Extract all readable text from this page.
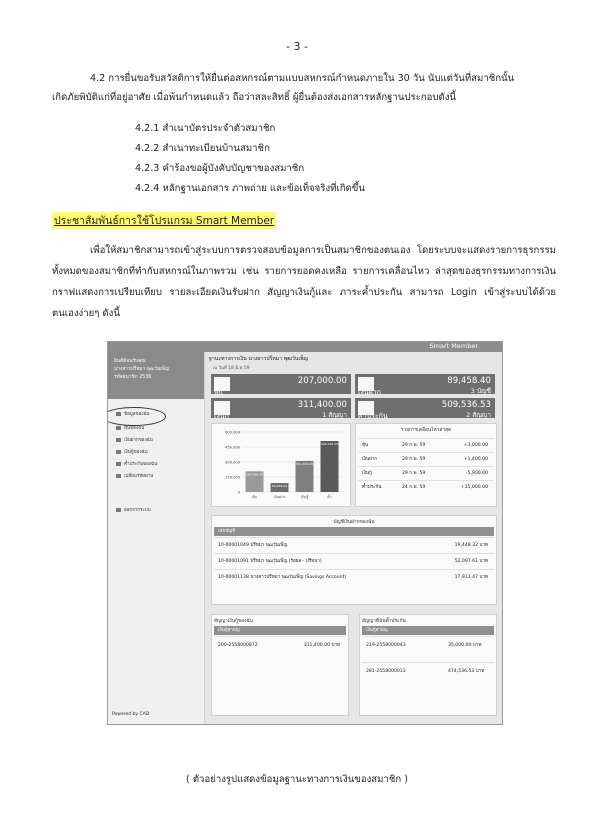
- 3 -
4.2 การยื่นขอรับสวัสดิการให้ยื่นต่อสหกรณ์ตามแบบสหกรณ์กำหนดภายใน 30 วัน นับแต่วันที่สมาชิกนั้น
เกิดภัยพิบัติแก่ที่อยู่อาศัย เมื่อพ้นกำหนดแล้ว ถือว่าสละสิทธิ์ ผู้ยื่นต้องส่งเอกสารหลักฐานประกอบดังนี้
4.2.1 สำเนาบัตรประจำตัวสมาชิก
4.2.2 สำเนาทะเบียนบ้านสมาชิก
4.2.3 คำร้องขอผู้บังคับบัญชาของสมาชิก
4.2.4 หลักฐานเอกสาร ภาพถ่าย และข้อเท็จจริงที่เกิดขึ้น
ประชาสัมพันธ์การใช้โปรแกรม Smart Member
เพื่อให้สมาชิกสามารถเข้าสู่ระบบการตรวจสอบข้อมูลการเป็นสมาชิกของตนเอง โดยระบบจะแสดงรายการธุรกรรมทั้งหมดของสมาชิกที่ทำกับสหกรณ์ในภาพรวม เช่น รายการยอดคงเหลือ รายการเคลื่อนไหว ล่าสุดของธุรกรรมทางการเงิน กราฟแสดงการเปรียบเทียบ รายละเอียดเงินรับฝาก สัญญาเงินกู้และ ภาระค้ำประกัน สามารถ Login เข้าสู่ระบบได้ด้วยตนเองง่ายๆ ดังนี้
Smart Member
ยินดีต้อนรับคุณ
นางสาวปรีหมา พุฒวันเพ็ญ
รหัสสมาชิก 2536
ข้อมูลของฉัน
หุ้นของฉัน
เงินฝากของฉัน
เงินกู้ของฉัน
ค้ำประกันของฉัน
เปลี่ยนรหัสผ่าน
ออกจากระบบ
ฐานะทางการเงิน นางสาวปรีหมา พุฒวันเพ็ญ
ณ วันที่ 18 มี.ค 59
หุ้น
207,000.00
เงินฝาก
89,458.40
3 บัญชี
เงินกู้
311,400.00
1 สัญญา ค้ำประกัน
509,536.53
2 สัญญา
600,000
450,000
300,000
150,000
0
207,000.00
หุ้น
89,458.40
เงินฝาก
311,400.00
เงินกู้
509,536.53
ค้ำ
รายการเคลื่อนไหวล่าสุด
หุ้น	29 ก.พ. 59	+3,000.00
เงินฝาก	29 ก.พ. 59	+1,400.00
เงินกู้	29 ก.พ. 59	-5,900.00
ค้ำประกัน	24 ก.พ. 59	+35,000.00
บัญชีเงินฝากของฉัน
เลขบัญชี
10-00001049 ปรีหมา พุฒวันเพ็ญ	19,448.32 บาท
10-00001091 ปรีหมา พุฒวันเพ็ญ (ร้อยล - ปรีหมา)	52,097.61 บาท
10-00001138 นางสาวปรีหมา พุฒวันเพ็ญ (Savings Account)	17,911.47 บาท
สัญญาเงินกู้ของฉัน
เงินกู้สามัญ
200-2558000872	311,400.00 บาท
สัญญาที่ฉันค้ำประกัน
เงินกู้สามัญ
219-2558000043	35,000.00 บาท
281-2558000013	474,536.53 บาท
Powered by CAD
( ตัวอย่างรูปแสดงข้อมูลฐานะทางการเงินของสมาชิก )
